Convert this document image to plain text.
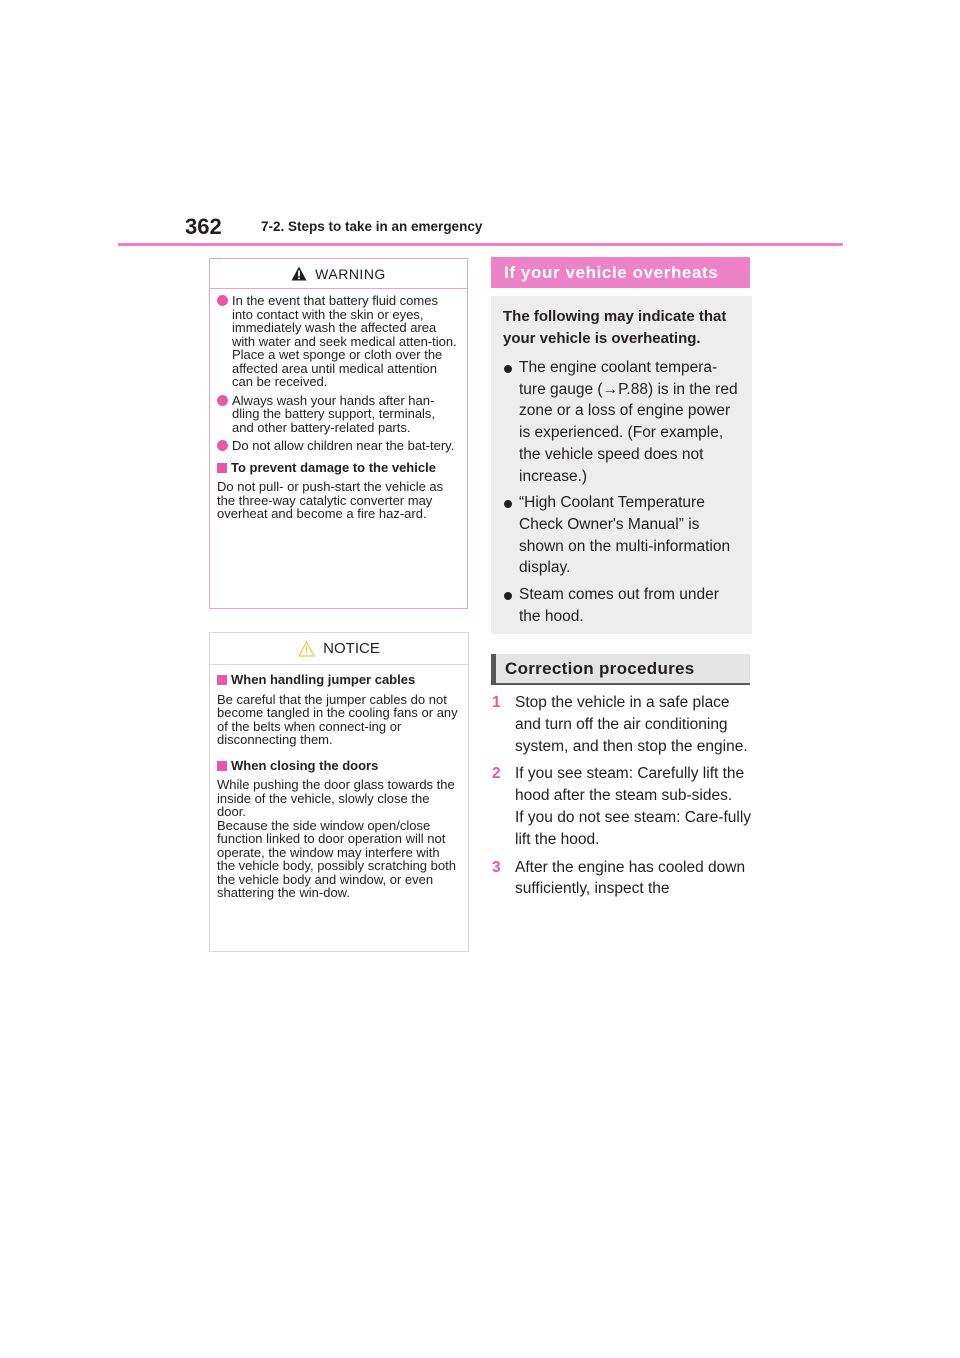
362	7-2. Steps to take in an emergency
WARNING
In the event that battery fluid comes into contact with the skin or eyes, immediately wash the affected area with water and seek medical atten-tion. Place a wet sponge or cloth over the affected area until medical attention can be received.
Always wash your hands after han-dling the battery support, terminals, and other battery-related parts.
Do not allow children near the bat-tery.
To prevent damage to the vehicle
Do not pull- or push-start the vehicle as the three-way catalytic converter may overheat and become a fire haz-ard.
NOTICE
When handling jumper cables
Be careful that the jumper cables do not become tangled in the cooling fans or any of the belts when connect-ing or disconnecting them.
When closing the doors
While pushing the door glass towards the inside of the vehicle, slowly close the door.
Because the side window open/close function linked to door operation will not operate, the window may interfere with the vehicle body, possibly scratching both the vehicle body and window, or even shattering the win-dow.
If your vehicle overheats
The following may indicate that your vehicle is overheating.
The engine coolant tempera-ture gauge (→P.88) is in the red zone or a loss of engine power is experienced. (For example, the vehicle speed does not increase.)
“High Coolant Temperature Check Owner's Manual” is shown on the multi-information display.
Steam comes out from under the hood.
Correction procedures
1 Stop the vehicle in a safe place and turn off the air conditioning system, and then stop the engine.
2 If you see steam: Carefully lift the hood after the steam sub-sides.
If you do not see steam: Care-fully lift the hood.
3 After the engine has cooled down sufficiently, inspect the
